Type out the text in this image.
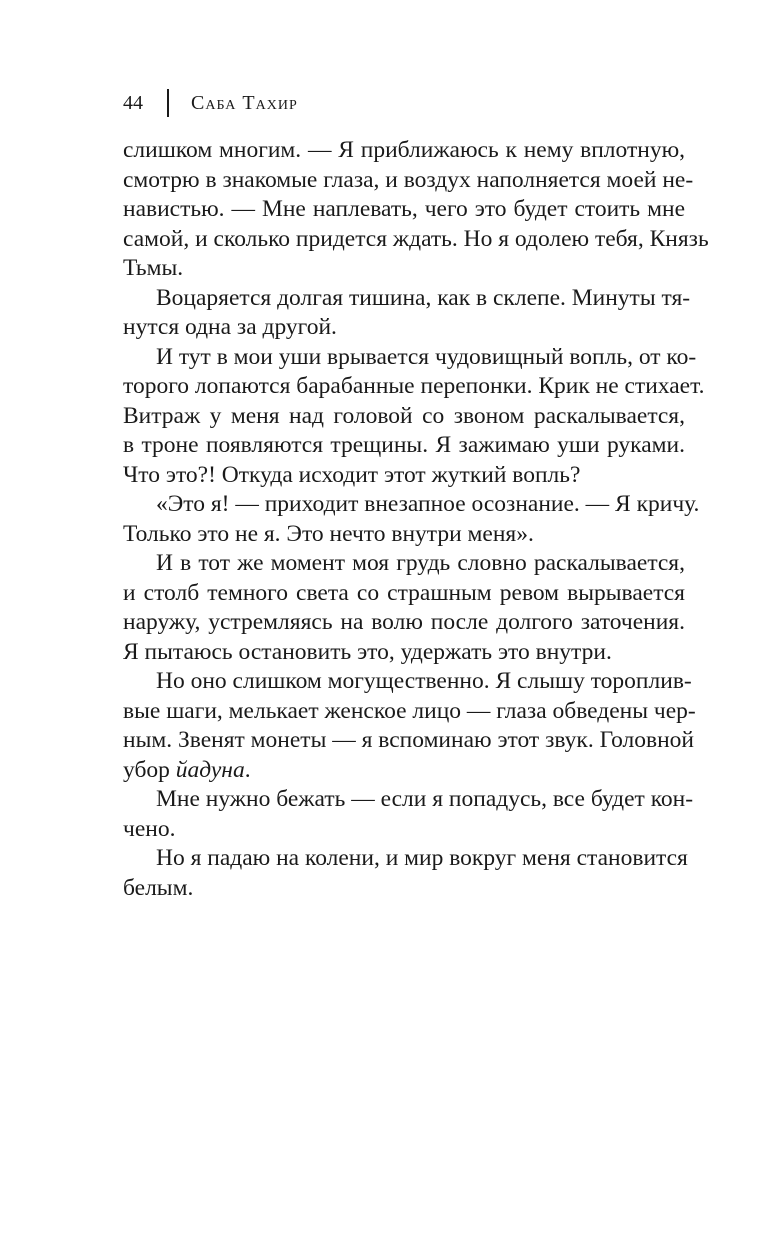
44 Саба Тахир
слишком многим. — Я приближаюсь к нему вплотную,
смотрю в знакомые глаза, и воздух наполняется моей не-
навистью. — Мне наплевать, чего это будет стоить мне
самой, и сколько придется ждать. Но я одолею тебя, Князь
Тьмы.
Воцаряется долгая тишина, как в склепе. Минуты тя-
нутся одна за другой.
И тут в мои уши врывается чудовищный вопль, от ко-
торого лопаются барабанные перепонки. Крик не стихает.
Витраж у меня над головой со звоном раскалывается,
в троне появляются трещины. Я зажимаю уши руками.
Что это?! Откуда исходит этот жуткий вопль?
«Это я! — приходит внезапное осознание. — Я кричу.
Только это не я. Это нечто внутри меня».
И в тот же момент моя грудь словно раскалывается,
и столб темного света со страшным ревом вырывается
наружу, устремляясь на волю после долгого заточения.
Я пытаюсь остановить это, удержать это внутри.
Но оно слишком могущественно. Я слышу тороплив-
вые шаги, мелькает женское лицо — глаза обведены чер-
ным. Звенят монеты — я вспоминаю этот звук. Головной
убор йадуна.
Мне нужно бежать — если я попадусь, все будет кон-
чено.
Но я падаю на колени, и мир вокруг меня становится
белым.
